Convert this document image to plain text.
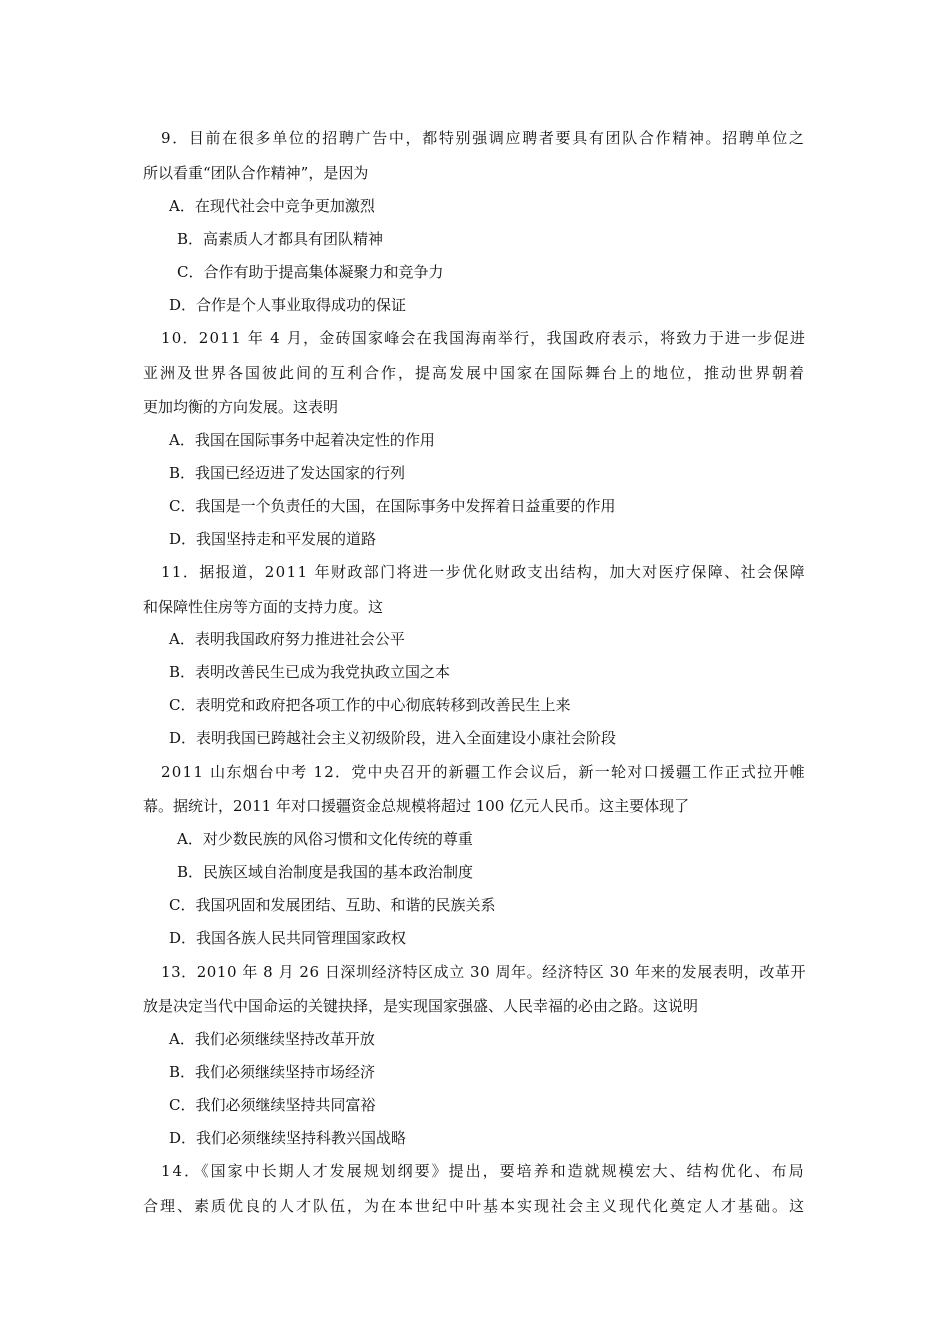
9．目前在很多单位的招聘广告中，都特别强调应聘者要具有团队合作精神。招聘单位之
所以看重“团队合作精神”，是因为
A．在现代社会中竞争更加激烈
B．高素质人才都具有团队精神
C．合作有助于提高集体凝聚力和竞争力
D．合作是个人事业取得成功的保证
10．2011 年 4 月，金砖国家峰会在我国海南举行，我国政府表示，将致力于进一步促进
亚洲及世界各国彼此间的互利合作，提高发展中国家在国际舞台上的地位，推动世界朝着
更加均衡的方向发展。这表明
A．我国在国际事务中起着决定性的作用
B．我国已经迈进了发达国家的行列
C．我国是一个负责任的大国，在国际事务中发挥着日益重要的作用
D．我国坚持走和平发展的道路
11．据报道，2011 年财政部门将进一步优化财政支出结构，加大对医疗保障、社会保障
和保障性住房等方面的支持力度。这
A．表明我国政府努力推进社会公平
B．表明改善民生已成为我党执政立国之本
C．表明党和政府把各项工作的中心彻底转移到改善民生上来
D．表明我国已跨越社会主义初级阶段，进入全面建设小康社会阶段
2011 山东烟台中考 12．党中央召开的新疆工作会议后，新一轮对口援疆工作正式拉开帷
幕。据统计，2011 年对口援疆资金总规模将超过 100 亿元人民币。这主要体现了
A．对少数民族的风俗习惯和文化传统的尊重
B．民族区域自治制度是我国的基本政治制度
C．我国巩固和发展团结、互助、和谐的民族关系
D．我国各族人民共同管理国家政权
13．2010 年 8 月 26 日深圳经济特区成立 30 周年。经济特区 30 年来的发展表明，改革开
放是决定当代中国命运的关键抉择，是实现国家强盛、人民幸福的必由之路。这说明
A．我们必须继续坚持改革开放
B．我们必须继续坚持市场经济
C．我们必须继续坚持共同富裕
D．我们必须继续坚持科教兴国战略
14．《国家中长期人才发展规划纲要》提出，要培养和造就规模宏大、结构优化、布局
合理、素质优良的人才队伍，为在本世纪中叶基本实现社会主义现代化奠定人才基础。这
